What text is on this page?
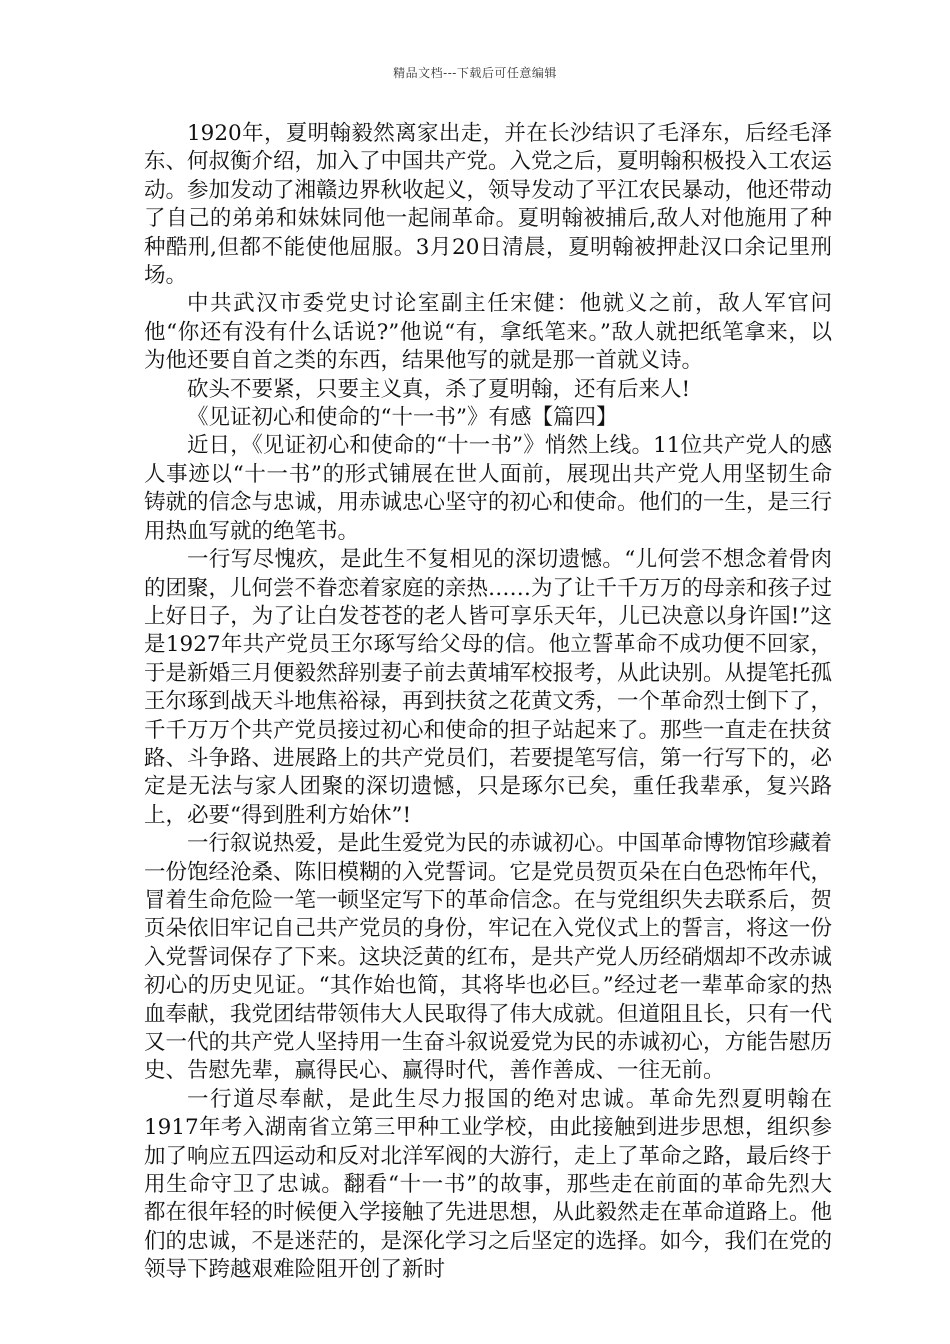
精品文档---下载后可任意编辑

1920年，夏明翰毅然离家出走，并在长沙结识了毛泽东，后经毛泽东、何叔衡介绍，加入了中国共产党。入党之后，夏明翰积极投入工农运动。参加发动了湘赣边界秋收起义，领导发动了平江农民暴动，他还带动了自己的弟弟和妹妹同他一起闹革命。夏明翰被捕后,敌人对他施用了种种酷刑,但都不能使他屈服。3月20日清晨，夏明翰被押赴汉口余记里刑场。

中共武汉市委党史讨论室副主任宋健：他就义之前，敌人军官问他“你还有没有什么话说?”他说“有，拿纸笔来。”敌人就把纸笔拿来，以为他还要自首之类的东西，结果他写的就是那一首就义诗。

砍头不要紧，只要主义真，杀了夏明翰，还有后来人!

《见证初心和使命的“十一书”》有感【篇四】

近日，《见证初心和使命的“十一书”》悄然上线。11位共产党人的感人事迹以“十一书”的形式铺展在世人面前，展现出共产党人用坚韧生命铸就的信念与忠诚，用赤诚忠心坚守的初心和使命。他们的一生，是三行用热血写就的绝笔书。

一行写尽愧疚，是此生不复相见的深切遗憾。“儿何尝不想念着骨肉的团聚，儿何尝不眷恋着家庭的亲热……为了让千千万万的母亲和孩子过上好日子，为了让白发苍苍的老人皆可享乐天年，儿已决意以身许国!”这是1927年共产党员王尔琢写给父母的信。他立誓革命不成功便不回家，于是新婚三月便毅然辞别妻子前去黄埔军校报考，从此诀别。从提笔托孤王尔琢到战天斗地焦裕禄，再到扶贫之花黄文秀，一个革命烈士倒下了，千千万万个共产党员接过初心和使命的担子站起来了。那些一直走在扶贫路、斗争路、进展路上的共产党员们，若要提笔写信，第一行写下的，必定是无法与家人团聚的深切遗憾，只是琢尔已矣，重任我辈承，复兴路上，必要“得到胜利方始休”!

一行叙说热爱，是此生爱党为民的赤诚初心。中国革命博物馆珍藏着一份饱经沧桑、陈旧模糊的入党誓词。它是党员贺页朵在白色恐怖年代，冒着生命危险一笔一顿坚定写下的革命信念。在与党组织失去联系后，贺页朵依旧牢记自己共产党员的身份，牢记在入党仪式上的誓言，将这一份入党誓词保存了下来。这块泛黄的红布，是共产党人历经硝烟却不改赤诚初心的历史见证。“其作始也简，其将毕也必巨。”经过老一辈革命家的热血奉献，我党团结带领伟大人民取得了伟大成就。但道阻且长，只有一代又一代的共产党人坚持用一生奋斗叙说爱党为民的赤诚初心，方能告慰历史、告慰先辈，赢得民心、赢得时代，善作善成、一往无前。

一行道尽奉献，是此生尽力报国的绝对忠诚。革命先烈夏明翰在1917年考入湖南省立第三甲种工业学校，由此接触到进步思想，组织参加了响应五四运动和反对北洋军阀的大游行，走上了革命之路，最后终于用生命守卫了忠诚。翻看“十一书”的故事，那些走在前面的革命先烈大都在很年轻的时候便入学接触了先进思想，从此毅然走在革命道路上。他们的忠诚，不是迷茫的，是深化学习之后坚定的选择。如今，我们在党的领导下跨越艰难险阻开创了新时
